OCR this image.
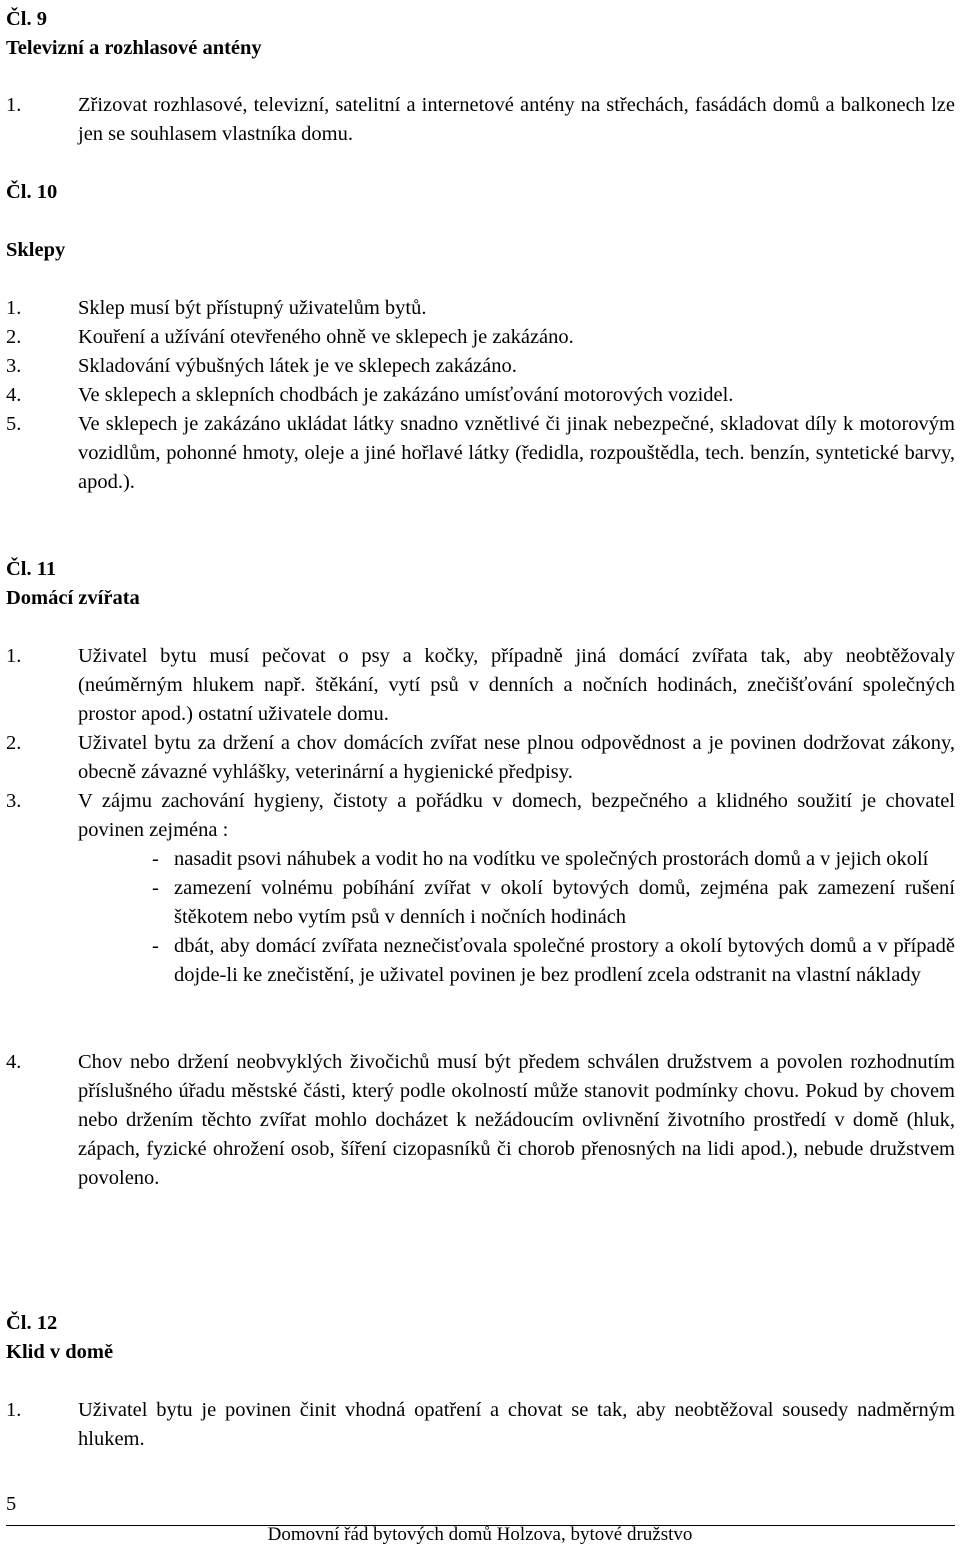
Čl. 9
Televizní a rozhlasové antény
1.	Zřizovat rozhlasové, televizní, satelitní a internetové antény na střechách, fasádách domů a balkonech lze jen se souhlasem vlastníka domu.
Čl. 10
Sklepy
1.	Sklep musí být přístupný uživatelům bytů.
2.	Kouření a užívání otevřeného ohně ve sklepech je zakázáno.
3.	Skladování výbušných látek je ve sklepech zakázáno.
4.	Ve sklepech a sklepních chodbách je zakázáno umísťování motorových vozidel.
5.	Ve sklepech je zakázáno ukládat látky snadno vznětlivé či jinak nebezpečné, skladovat díly k motorovým vozidlům, pohonné hmoty, oleje a jiné hořlavé látky (ředidla, rozpouštědla, tech. benzín, syntetické barvy, apod.).
Čl. 11
Domácí zvířata
1.	Uživatel bytu musí pečovat o psy a kočky, případně jiná domácí zvířata tak, aby neobtěžovaly (neúměrným hlukem např. štěkání, vytí psů v denních a nočních hodinách, znečišťování společných prostor apod.) ostatní uživatele domu.
2.	Uživatel bytu za držení a chov domácích zvířat nese plnou odpovědnost a je povinen dodržovat zákony, obecně závazné vyhlášky, veterinární a hygienické předpisy.
3.	V zájmu zachování hygieny, čistoty a pořádku v domech, bezpečného a klidného soužití je chovatel povinen zejména :
- nasadit psovi náhubek a vodit ho na vodítku ve společných prostorách domů a v jejich okolí
- zamezení volnému pobíhání zvířat v okolí bytových domů, zejména pak zamezení rušení štěkotem nebo vytím psů v denních i nočních hodinách
- dbát, aby domácí zvířata neznečisťovala společné prostory a okolí bytových domů a v případě dojde-li ke znečistění, je uživatel povinen je bez prodlení zcela odstranit na vlastní náklady
4.	Chov nebo držení neobvyklých živočichů musí být předem schválen družstvem a povolen rozhodnutím příslušného úřadu městské části, který podle okolností může stanovit podmínky chovu. Pokud by chovem nebo držením těchto zvířat mohlo docházet k nežádoucím ovlivnění životního prostředí v domě (hluk, zápach, fyzické ohrožení osob, šíření cizopasníků či chorob přenosných na lidi apod.), nebude družstvem povoleno.
Čl. 12
Klid v domě
1.	Uživatel bytu je povinen činit vhodná opatření a chovat se tak, aby neobtěžoval sousedy nadměrným hlukem.
5
Domovní řád bytových domů Holzova, bytové družstvo
